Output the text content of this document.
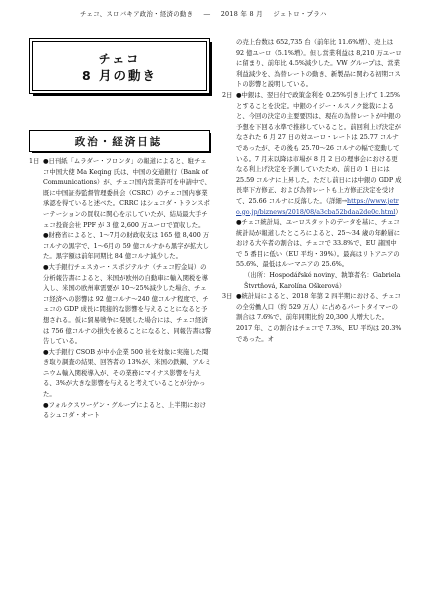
チェコ、スロバキア政治・経済の動き ― 2018 年 8 月 ジェトロ・プラハ
チェコ
8 月の動き
政治・経済日誌
1日 ●日刊紙「ムラダー・フロンタ」の報道によると、駐チェコ中国大使 Ma Keqing 氏は、中国の交通銀行（Bank of Communications）が、チェコ国内営業許可を申請中で、既に中国証券監督管理委員会（CSRC）のチェコ国内事業承認を得ていると述べた。CRRC はシュコダ・トランスポーテーションの買収に関心を示していたが、結局最大手チェコ投資会社 PPF が 3 億 2,600 万ユーロで買収した。

●財務省によると、1～7月の財政収支は 165 億 8,400 万コルナの黒字で、1～6月の 59 億コルナから黒字が拡大した。黒字額は前年同期比 84 億コルナ減少した。

●大手銀行チェスカー・スポジテルナ（チェコ貯金局）の分析報告書によると、米国が欧州の自動車に輸入関税を導入し、米国の欧州車需要が 10～25%減少した場合、チェコ経済への影響は 92 億コルナ～240 億コルナ程度で、チェコの GDP 成長に間接的な影響を与えることになると予想される。仮に貿易戦争に発展した場合には、チェコ経済は 756 億コルナの損失を被ることになると、同報告書は警告している。

●大手銀行 CSOB が中小企業 500 社を対象に実施した聞き取り調査の結果、回答者の 13%が、米国の鉄鋼、アルミニウム輸入関税導入が、その業務にマイナス影響を与える、3%が大きな影響を与えると考えていることが分かった。

●フォルクスワーゲン・グループによると、上半期におけるシュコダ・オート

の売上台数は 652,735 台（前年比 11.6%増）、売上は 92 億ユーロ（5.1%増）。但し営業利益は 8,210 万ユーロに留まり、前年比 4.5%減少した。VW グループは、営業利益減少を、為替レートの動き、新製品に関わる初期コストの影響と説明している。

2日 ●中銀は、翌日付で政策金利を 0.25%引き上げて 1.25%とすることを決定。中銀のイジー・ルスノク総裁によると、今回の決定の主要要因は、現在の為替レートが中銀の予想を下回る水準で推移していること。前回利上げ決定がなされた 6 月 27 日の対ユーロ・レートは 25.77 コルナであったが、その後も 25.70～26 コルナの幅で変動している。7 月末以降は市場が 8 月 2 日の理事会における更なる利上げ決定を予測していたため、前日の 1 日には 25.59 コルナに上昇した。ただし前日には中銀の GDP 成長率下方修正、および為替レートも上方修正決定を受けて、25.66 コルナに反落した。（詳細→https://www.jetro.go.jp/biznews/2018/08/a3cba52bdaa2de0c.html）

●チェコ統計局、ユーロスタットのデータを基に、チェコ統計局が報道したところによると、25～34 歳の年齢層における大卒者の割合は、チェコで 33.8%で、EU 諸国中で 5 番目に低い（EU 平均・39%）。最高はリトアニアの 55.6%、最低はルーマニアの 25.6%。

（出所：Hospodářské noviny、執筆者名：Gabriela Štvrtňová, Karolína Oškerová）

3日 ●統計局によると、2018 年第 2 四半期における、チェコの全労働人口（約 529 万人）に占めるパートタイマーの割合は 7.6%で、前年同期比約 20,300 人増大した。2017 年、この割合はチェコで 7.3%、EU 平均は 20.3%であった。オ
